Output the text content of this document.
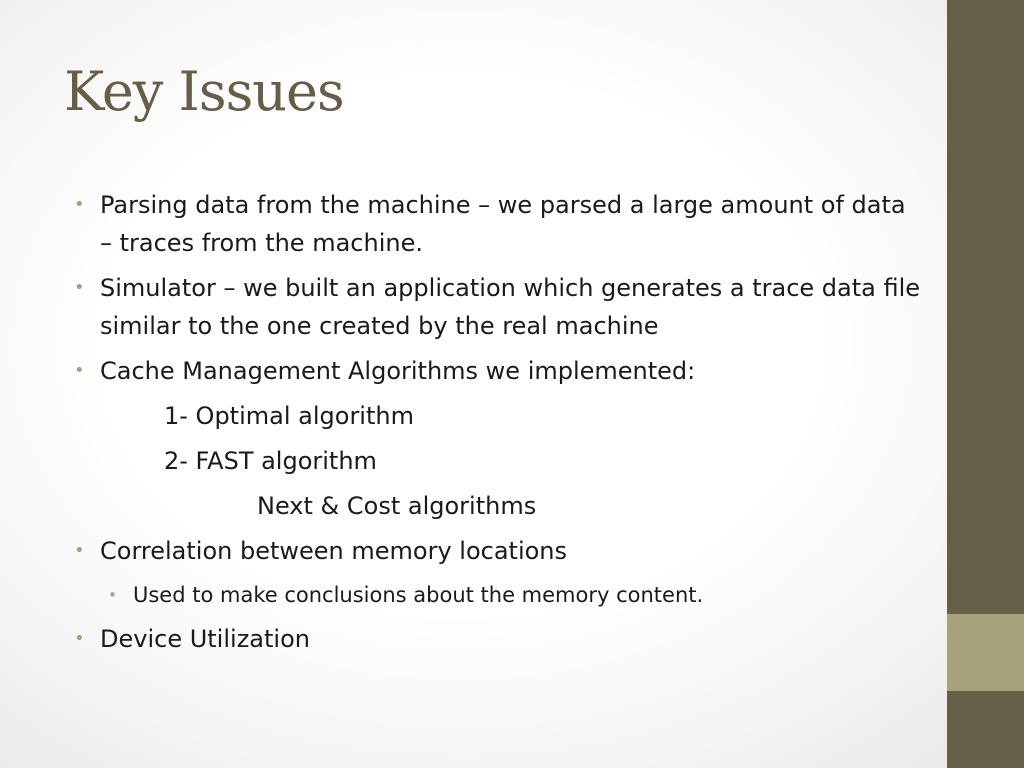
Key Issues
• Parsing data from the machine – we parsed a large amount of data – traces from the machine.
• Simulator – we built an application which generates a trace data file similar to the one created by the real machine
• Cache Management Algorithms we implemented:
1- Optimal algorithm
2- FAST algorithm
Next & Cost algorithms
• Correlation between memory locations
• Used to make conclusions about the memory content.
• Device Utilization
